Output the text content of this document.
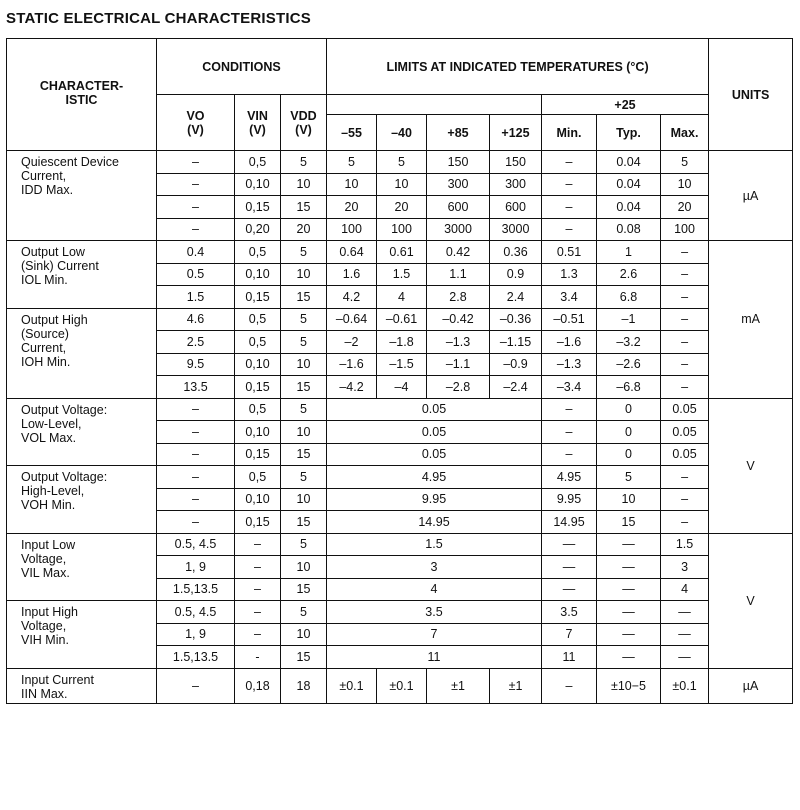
STATIC ELECTRICAL CHARACTERISTICS
CHARACTER-
ISTIC	CONDITIONS			LIMITS AT INDICATED TEMPERATURES (°C)							UNITS
	VO
(V)	VIN
(V)	VDD
(V)					+25			
				–55	–40	+85	+125	Min.	Typ.	Max.	
Quiescent Device
Current,
IDD Max.	–	0,5	5	5	5	150	150	–	0.04	5	µA
	–	0,10	10	10	10	300	300	–	0.04	10	
	–	0,15	15	20	20	600	600	–	0.04	20	
	–	0,20	20	100	100	3000	3000	–	0.08	100	
Output Low
(Sink) Current
IOL Min.	0.4	0,5	5	0.64	0.61	0.42	0.36	0.51	1	–	mA
	0.5	0,10	10	1.6	1.5	1.1	0.9	1.3	2.6	–	
	1.5	0,15	15	4.2	4	2.8	2.4	3.4	6.8	–	
Output High
(Source)
Current,
IOH Min.	4.6	0,5	5	–0.64	–0.61	–0.42	–0.36	–0.51	–1	–	
	2.5	0,5	5	–2	–1.8	–1.3	–1.15	–1.6	–3.2	–	
	9.5	0,10	10	–1.6	–1.5	–1.1	–0.9	–1.3	–2.6	–	
	13.5	0,15	15	–4.2	–4	–2.8	–2.4	–3.4	–6.8	–	
Output Voltage:
Low-Level,
VOL Max.	–	0,5	5	0.05				–	0	0.05	V
	–	0,10	10	0.05				–	0	0.05	
	–	0,15	15	0.05				–	0	0.05	
Output Voltage:
High-Level,
VOH Min.	–	0,5	5	4.95				4.95	5	–	
	–	0,10	10	9.95				9.95	10	–	
	–	0,15	15	14.95				14.95	15	–	
Input Low
Voltage,
VIL Max.	0.5, 4.5	–	5	1.5				—	—	1.5	V
	1, 9	–	10	3				—	—	3	
	1.5,13.5	–	15	4				—	—	4	
Input High
Voltage,
VIH Min.	0.5, 4.5	–	5	3.5				3.5	—	—	
	1, 9	–	10	7				7	—	—	
	1.5,13.5	-	15	11				11	—	—	
Input Current
IIN Max.	–	0,18	18	±0.1	±0.1	±1	±1	–	±10−5	±0.1	µA
